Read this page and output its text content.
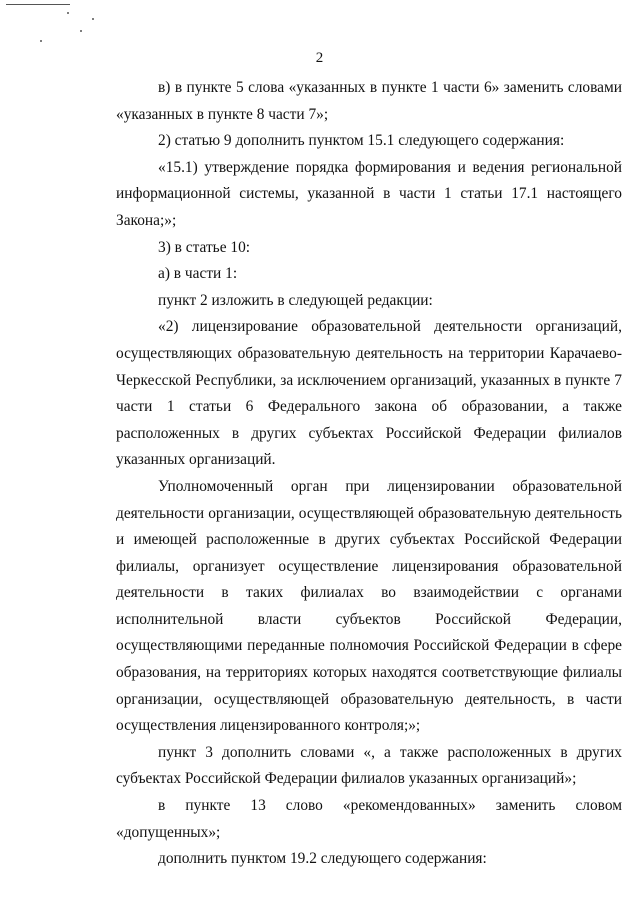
2
в) в пункте 5 слова «указанных в пункте 1 части 6» заменить словами
«указанных в пункте 8 части 7»;
2) статью 9 дополнить пунктом 15.1 следующего содержания:
«15.1) утверждение порядка формирования и ведения региональной
информационной системы, указанной в части 1 статьи 17.1 настоящего
Закона;»;
3) в статье 10:
а) в части 1:
пункт 2 изложить в следующей редакции:
«2) лицензирование образовательной деятельности организаций,
осуществляющих образовательную деятельность на территории Карачаево-
Черкесской Республики, за исключением организаций, указанных в пункте 7
части 1 статьи 6 Федерального закона об образовании, а также
расположенных в других субъектах Российской Федерации филиалов
указанных организаций.
Уполномоченный орган при лицензировании образовательной
деятельности организации, осуществляющей образовательную деятельность
и имеющей расположенные в других субъектах Российской Федерации
филиалы, организует осуществление лицензирования образовательной
деятельности в таких филиалах во взаимодействии с органами
исполнительной власти субъектов Российской Федерации,
осуществляющими переданные полномочия Российской Федерации в сфере
образования, на территориях которых находятся соответствующие филиалы
организации, осуществляющей образовательную деятельность, в части
осуществления лицензированного контроля;»;
пункт 3 дополнить словами «, а также расположенных в других
субъектах Российской Федерации филиалов указанных организаций»;
в пункте 13 слово «рекомендованных» заменить словом
«допущенных»;
дополнить пунктом 19.2 следующего содержания:
